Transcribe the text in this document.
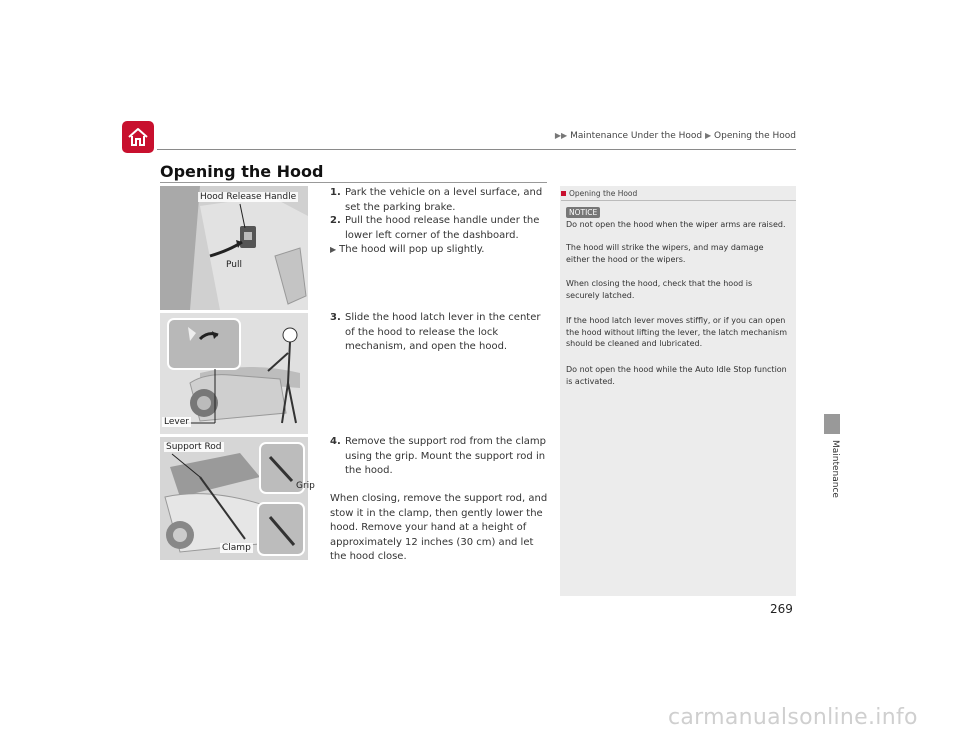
▶▶ Maintenance Under the Hood ▶ Opening the Hood
Opening the Hood
Hood Release Handle
Pull
Lever
Support Rod
Grip
Clamp

1. Park the vehicle on a level surface, and set the parking brake.

2. Pull the hood release handle under the lower left corner of the dashboard.

▶ The hood will pop up slightly.

3. Slide the hood latch lever in the center of the hood to release the lock mechanism, and open the hood.

4. Remove the support rod from the clamp using the grip. Mount the support rod in the hood.

When closing, remove the support rod, and stow it in the clamp, then gently lower the hood. Remove your hand at a height of approximately 12 inches (30 cm) and let the hood close.

Opening the Hood
NOTICE

Do not open the hood when the wiper arms are raised.

The hood will strike the wipers, and may damage either the hood or the wipers.

When closing the hood, check that the hood is securely latched.

If the hood latch lever moves stiffly, or if you can open the hood without lifting the lever, the latch mechanism should be cleaned and lubricated.

Do not open the hood while the Auto Idle Stop function is activated.

Maintenance
269
carmanualsonline.info
